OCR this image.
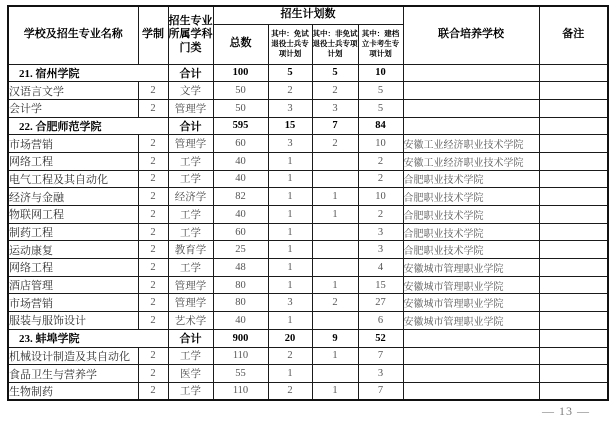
学校及招生专业名称	学制	招生专业所属学科门类	招生计划数				联合培养学校	备注
			总数	其中：免试退役士兵专项计划	其中：非免试退役士兵专项计划	其中：建档立卡考生专项计划		
21. 宿州学院		合计	100	5	5	10		
汉语言文学	2	文学	50	2	2	5		
会计学	2	管理学	50	3	3	5		
22. 合肥师范学院		合计	595	15	7	84		
市场营销	2	管理学	60	3	2	10	安徽工业经济职业技术学院	
网络工程	2	工学	40	1		2	安徽工业经济职业技术学院	
电气工程及其自动化	2	工学	40	1		2	合肥职业技术学院	
经济与金融	2	经济学	82	1	1	10	合肥职业技术学院	
物联网工程	2	工学	40	1	1	2	合肥职业技术学院	
制药工程	2	工学	60	1		3	合肥职业技术学院	
运动康复	2	教育学	25	1		3	合肥职业技术学院	
网络工程	2	工学	48	1		4	安徽城市管理职业学院	
酒店管理	2	管理学	80	1	1	15	安徽城市管理职业学院	
市场营销	2	管理学	80	3	2	27	安徽城市管理职业学院	
服装与服饰设计	2	艺术学	40	1		6	安徽城市管理职业学院	
23. 蚌埠学院		合计	900	20	9	52		
机械设计制造及其自动化	2	工学	110	2	1	7		
食品卫生与营养学	2	医学	55	1		3		
生物制药	2	工学	110	2	1	7		
— 13 —
